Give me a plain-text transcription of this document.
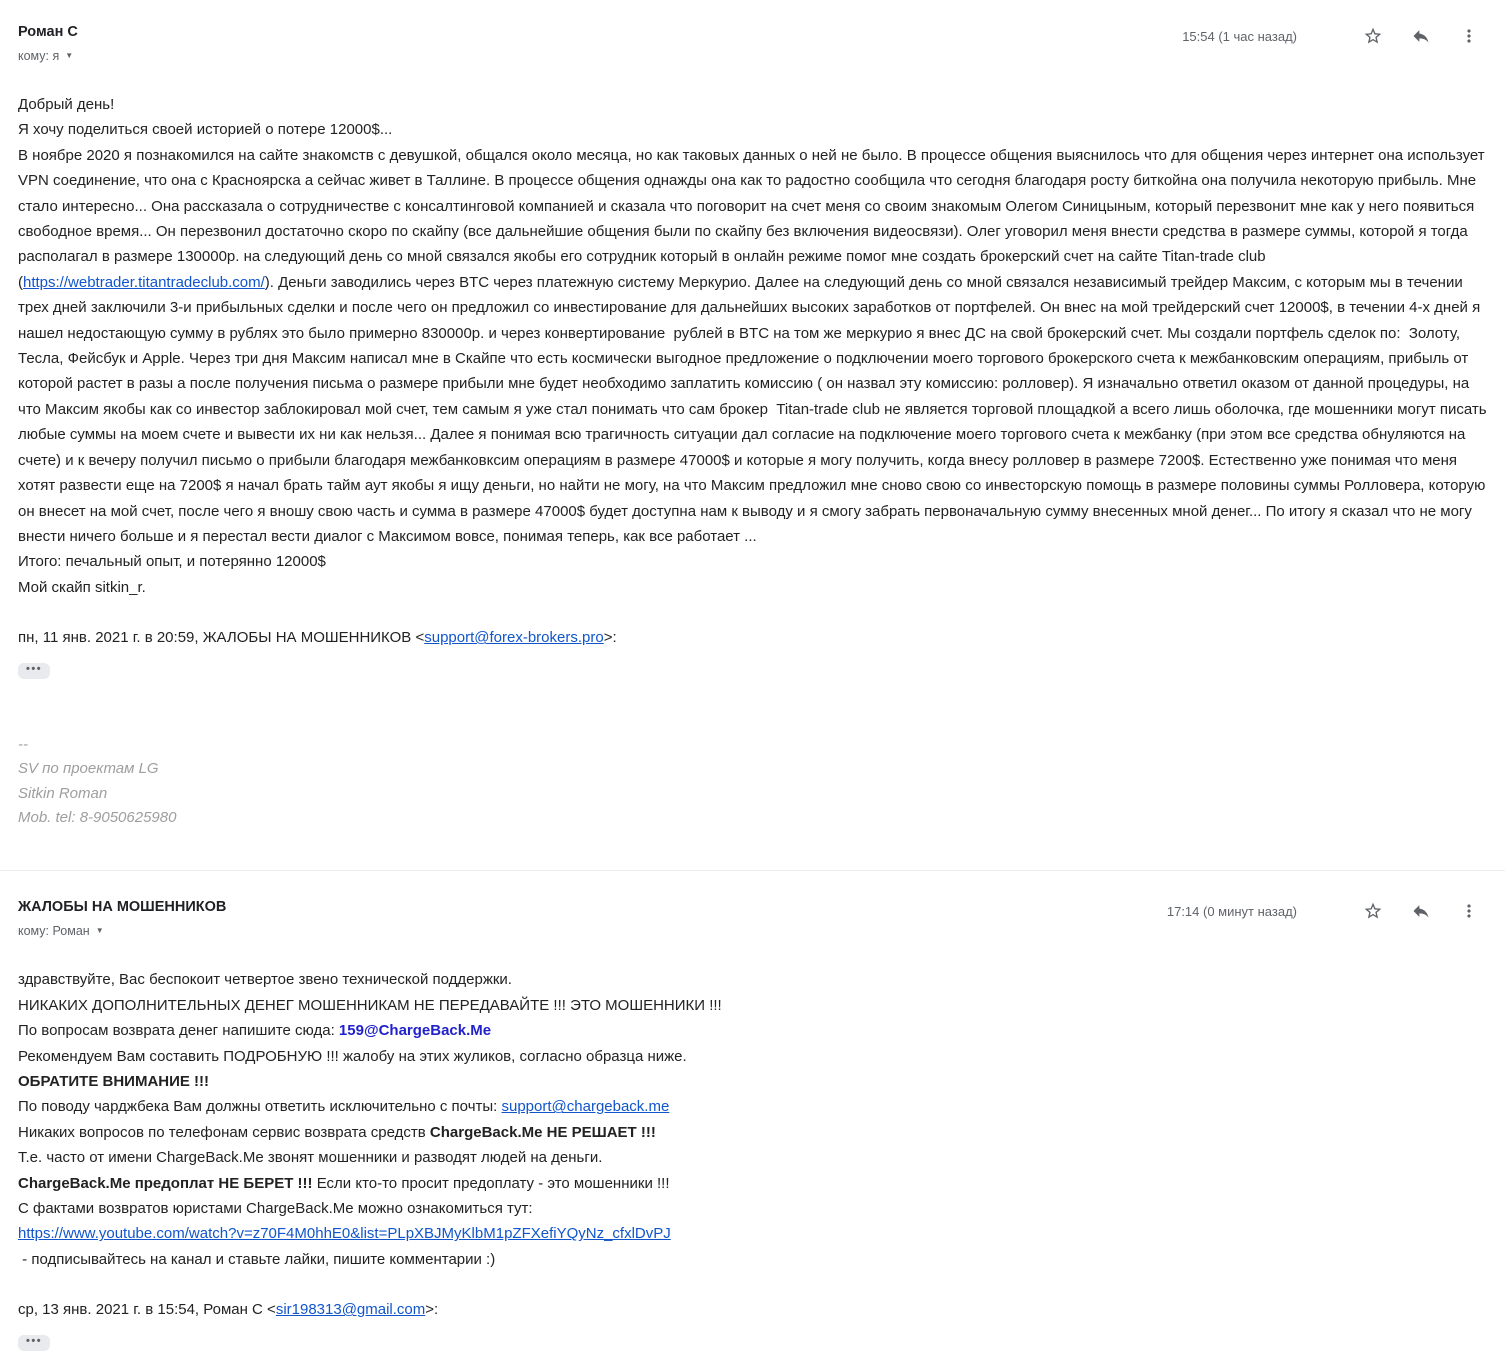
Роман С
кому: я ▼
15:54 (1 час назад)
Добрый день!
Я хочу поделиться своей историей о потере 12000$...
В ноябре 2020 я познакомился на сайте знакомств с девушкой, общался около месяца, но как таковых данных о ней не было. В процессе общения выяснилось что для общения через интернет она использует VPN соединение, что она с Красноярска а сейчас живет в Таллине. В процессе общения однажды она как то радостно сообщила что сегодня благодаря росту биткойна она получила некоторую прибыль. Мне стало интересно... Она рассказала о сотрудничестве с консалтинговой компанией и сказала что поговорит на счет меня со своим знакомым Олегом Синицыным, который перезвонит мне как у него появиться свободное время... Он перезвонил достаточно скоро по скайпу (все дальнейшие общения были по скайпу без включения видеосвязи). Олег уговорил меня внести средства в размере суммы, которой я тогда располагал в размере 130000р. на следующий день со мной связался якобы его сотрудник который в онлайн режиме помог мне создать брокерский счет на сайте Titan-trade club (https://webtrader.titantradeclub.com/). Деньги заводились через BTC через платежную систему Меркурио. Далее на следующий день со мной связался независимый трейдер Максим, с которым мы в течении трех дней заключили 3-и прибыльных сделки и после чего он предложил со инвестирование для дальнейших высоких заработков от портфелей. Он внес на мой трейдерский счет 12000$, в течении 4-х дней я нашел недостающую сумму в рублях это было примерно 830000р. и через конвертирование  рублей в BTC на том же меркурио я внес ДС на свой брокерский счет. Мы создали портфель сделок по:  Золоту, Тесла, Фейсбук и Apple. Через три дня Максим написал мне в Скайпе что есть космически выгодное предложение о подключении моего торгового брокерского счета к межбанковским операциям, прибыль от которой растет в разы а после получения письма о размере прибыли мне будет необходимо заплатить комиссию ( он назвал эту комиссию: ролловер). Я изначально ответил оказом от данной процедуры, на что Максим якобы как со инвестор заблокировал мой счет, тем самым я уже стал понимать что сам брокер  Titan-trade club не является торговой площадкой а всего лишь оболочка, где мошенники могут писать любые суммы на моем счете и вывести их ни как нельзя... Далее я понимая всю трагичность ситуации дал согласие на подключение моего торгового счета к межбанку (при этом все средства обнуляются на счете) и к вечеру получил письмо о прибыли благодаря межбанковксим операциям в размере 47000$ и которые я могу получить, когда внесу ролловер в размере 7200$. Естественно уже понимая что меня хотят развести еще на 7200$ я начал брать тайм аут якобы я ищу деньги, но найти не могу, на что Максим предложил мне сново свою со инвесторскую помощь в размере половины суммы Ролловера, которую он внесет на мой счет, после чего я вношу свою часть и сумма в размере 47000$ будет доступна нам к выводу и я смогу забрать первоначальную сумму внесенных мной денег... По итогу я сказал что не могу внести ничего больше и я перестал вести диалог с Максимом вовсе, понимая теперь, как все работает ...
Итого: печальный опыт, и потерянно 12000$
Мой скайп sitkin_r.
пн, 11 янв. 2021 г. в 20:59, ЖАЛОБЫ НА МОШЕННИКОВ <support@forex-brokers.pro>:
•••
--
SV по проектам LG
Sitkin Roman
Mob. tel: 8-9050625980
ЖАЛОБЫ НА МОШЕННИКОВ
кому: Роман ▼
17:14 (0 минут назад)
здравствуйте, Вас беспокоит четвертое звено технической поддержки.
НИКАКИХ ДОПОЛНИТЕЛЬНЫХ ДЕНЕГ МОШЕННИКАМ НЕ ПЕРЕДАВАЙТЕ !!! ЭТО МОШЕННИКИ !!!
По вопросам возврата денег напишите сюда: 159@ChargeBack.Me
Рекомендуем Вам составить ПОДРОБНУЮ !!! жалобу на этих жуликов, согласно образца ниже.
ОБРАТИТЕ ВНИМАНИЕ !!!
По поводу чарджбека Вам должны ответить исключительно с почты: support@chargeback.me
Никаких вопросов по телефонам сервис возврата средств ChargeBack.Me НЕ РЕШАЕТ !!!
Т.е. часто от имени ChargeBack.Me звонят мошенники и разводят людей на деньги.
ChargeBack.Me предоплат НЕ БЕРЕТ !!! Если кто-то просит предоплату - это мошенники !!!
С фактами возвратов юристами ChargeBack.Me можно ознакомиться тут:
https://www.youtube.com/watch?v=z70F4M0hhE0&list=PLpXBJMyKlbM1pZFXefiYQyNz_cfxlDvPJ
- подписывайтесь на канал и ставьте лайки, пишите комментарии :)
ср, 13 янв. 2021 г. в 15:54, Роман С <sir198313@gmail.com>:
•••
